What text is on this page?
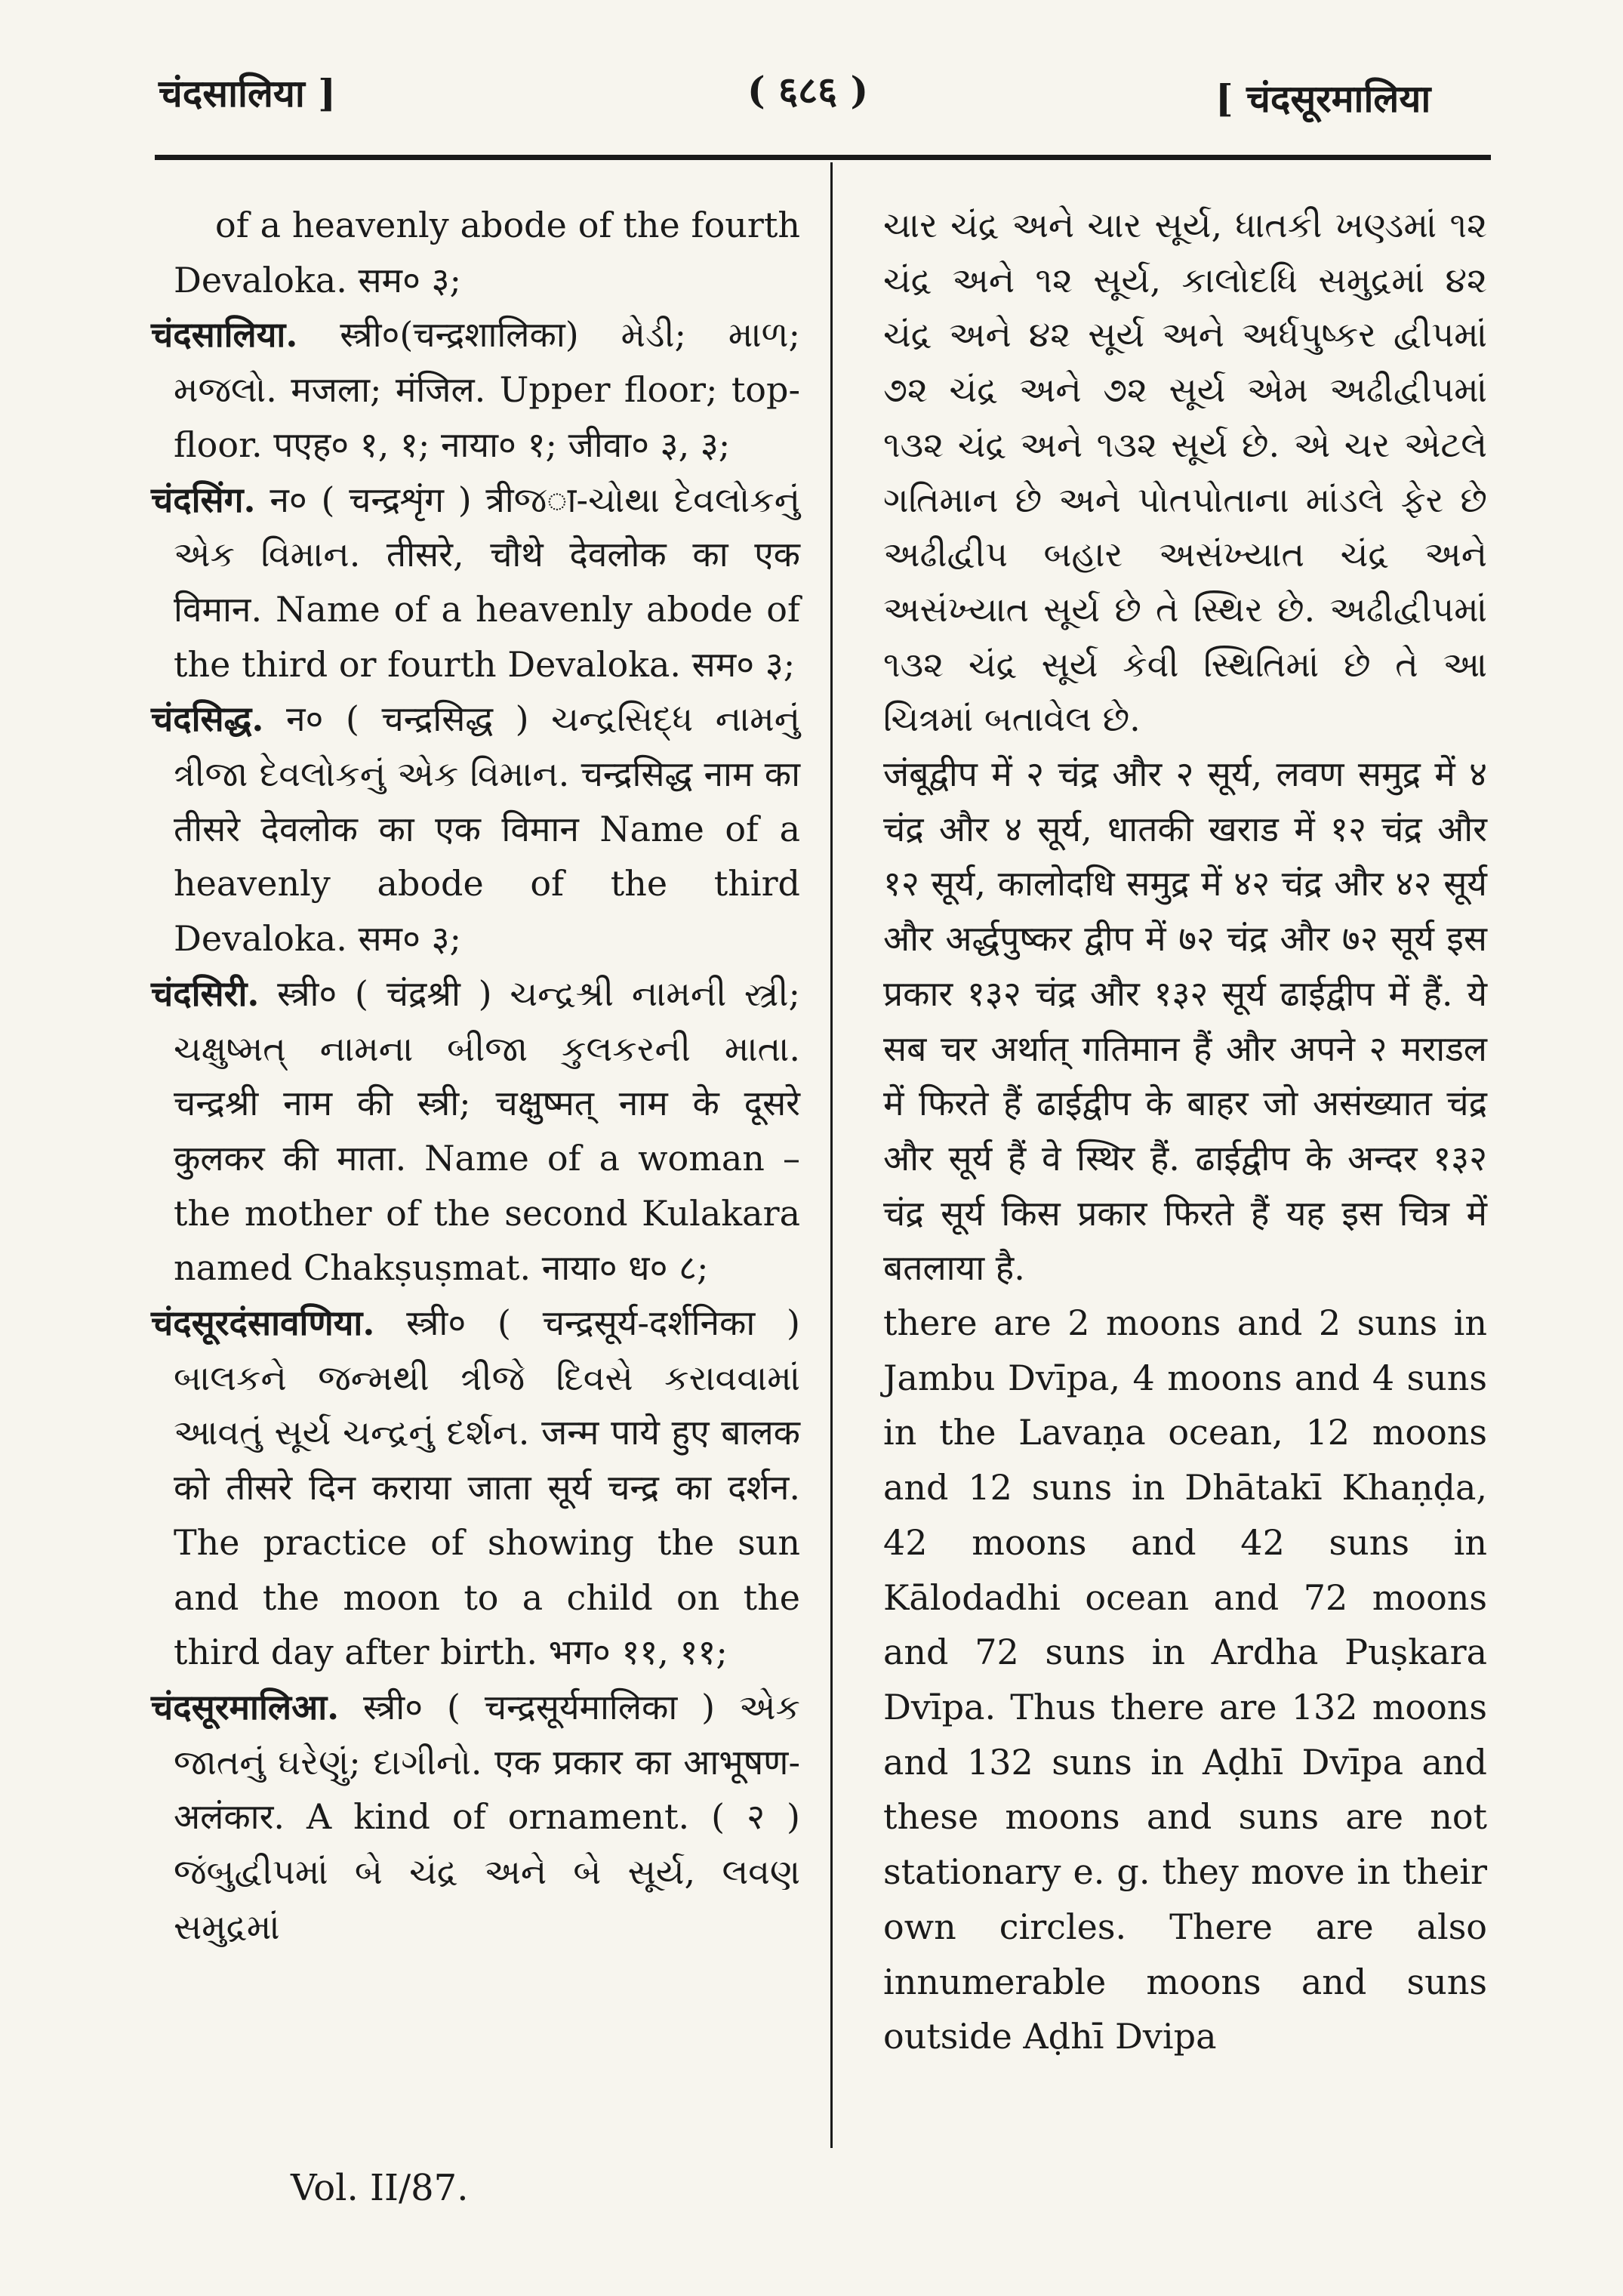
चंदसालिया ]	( ६८६ )	[ चंदसूरमालिया

of a heavenly abode of the fourth Devaloka. सम० ३;

चंदसालिया. स्त्री०(चन्द्रशालिका) મેડી; માળ; મજલો. मजला; मंजिल. Upper floor; top-floor. पएह० १, १; नाया० १; जीवा० ३, ३;

चंदसिंग. न० ( चन्द्रशृंग ) त्रीજा-ચોથા દેવલોકનું એક વિમાન. तीसरे, चौथे देवलोक का एक विमान. Name of a heavenly abode of the third or fourth Devaloka. सम० ३;

चंदसिद्ध. न० ( चन्द्रसिद्ध ) ચન્દ્રસિદ્ધ નામનું ત્રીજા દેવલોકનું એક વિમાન. चन्द्रसिद्ध नाम का तीसरे देवलोक का एक विमान Name of a heavenly abode of the third Devaloka. सम० ३;

चंदसिरी. स्त्री० ( चंद्रश्री ) ચન્દ્રશ્રી નામની સ્ત્રી; ચક્ષુષ્મત્ નામના બીજા કુલકરની માતા. चन्द्रश्री नाम की स्त्री; चक्षुष्मत् नाम के दूसरे कुलकर की माता. Name of a woman –the mother of the second Kulakara named Chakṣuṣmat. नाया० ध० ८;

चंदसूरदंसावणिया. स्त्री० ( चन्द्रसूर्य-दर्शनिका ) બાલકને જન્મથી ત્રીજે દિવસે કરાવવામાં આવતું સૂર્ય ચન્દ્રનું દર્શન. जन्म पाये हुए बालक को तीसरे दिन कराया जाता सूर्य चन्द्र का दर्शन. The practice of showing the sun and the moon to a child on the third day after birth. भग० ११, ११;

चंदसूरमालिआ. स्त्री० ( चन्द्रसूर्यमालिका ) એક જાતનું ઘરેણું; દાગીનો. एक प्रकार का आभूषण-अलंकार. A kind of ornament. ( २ ) જંબુદ્વીપમાં બે ચંદ્ર અને બે સૂર્ય, લવણ સમુદ્રમાં

ચાર ચંદ્ર અને ચાર સૂર્ય, ધાતકી ખણ્ડમાં ૧૨ ચંદ્ર અને ૧૨ સૂર્ય, કાલોદધિ સમુદ્રમાં ૪૨ ચંદ્ર અને ૪૨ સૂર્ય અને અર્ધપુષ્કર દ્વીપમાં ૭૨ ચંદ્ર અને ૭૨ સૂર્ય એમ અઢીદ્વીપમાં ૧૩૨ ચંદ્ર અને ૧૩૨ સૂર્ય છે. એ ચર એટલે ગતિમાન છે અને પોતપોતાના માંડલે ફેર છે અઢીદ્વીપ બહાર અસંખ્યાત ચંદ્ર અને અસંખ્યાત સૂર્ય છે તે સ્થિર છે. અઢીદ્વીપમાં ૧૩૨ ચંદ્ર સૂર્ય કેવી સ્થિતિમાં છે તે આ ચિત્રમાં બતાવેલ છે.

जंबूद्वीप में २ चंद्र और २ सूर्य, लवण समुद्र में ४ चंद्र और ४ सूर्य, धातकी खराड में १२ चंद्र और १२ सूर्य, कालोदधि समुद्र में ४२ चंद्र और ४२ सूर्य और अर्द्धपुष्कर द्वीप में ७२ चंद्र और ७२ सूर्य इस प्रकार १३२ चंद्र और १३२ सूर्य ढाईद्वीप में हैं. ये सब चर अर्थात् गतिमान हैं और अपने २ मराडल में फिरते हैं ढाईद्वीप के बाहर जो असंख्यात चंद्र और सूर्य हैं वे स्थिर हैं. ढाईद्वीप के अन्दर १३२ चंद्र सूर्य किस प्रकार फिरते हैं यह इस चित्र में बतलाया है.

there are 2 moons and 2 suns in Jambu Dvīpa, 4 moons and 4 suns in the Lavaṇa ocean, 12 moons and 12 suns in Dhātakī Khaṇḍa, 42 moons and 42 suns in Kālodadhi ocean and 72 moons and 72 suns in Ardha Puṣkara Dvīpa. Thus there are 132 moons and 132 suns in Aḍhī Dvīpa and these moons and suns are not stationary e. g. they move in their own circles. There are also innumerable moons and suns outside Aḍhī Dvipa

Vol. II/87.
